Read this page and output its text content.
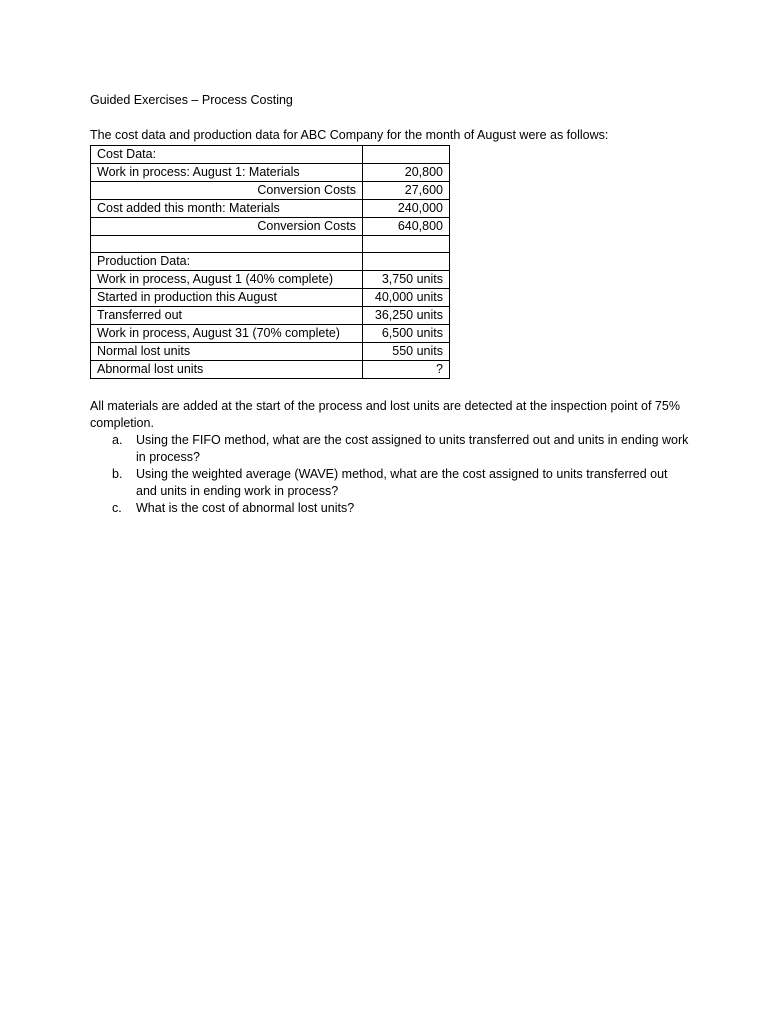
Guided Exercises – Process Costing
The cost data and production data for ABC Company for the month of August were as follows:
Cost Data:	
Work in process: August 1: Materials	20,800
Conversion Costs	27,600
Cost added this month: Materials	240,000
Conversion Costs	640,800

Production Data:	
Work in process, August 1 (40% complete)	3,750 units
Started in production this August	40,000 units
Transferred out	36,250 units
Work in process, August 31 (70% complete)	6,500 units
Normal lost units	550 units
Abnormal lost units	?

All materials are added at the start of the process and lost units are detected at the inspection point of 75% completion.

a. Using the FIFO method, what are the cost assigned to units transferred out and units in ending work in process?
b. Using the weighted average (WAVE) method, what are the cost assigned to units transferred out and units in ending work in process?
c. What is the cost of abnormal lost units?
